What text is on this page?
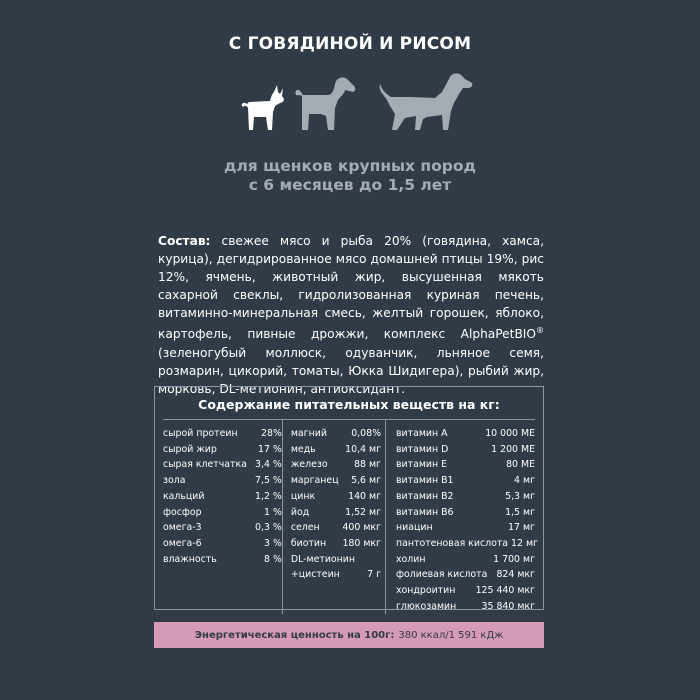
С ГОВЯДИНОЙ И РИСОМ
для щенков крупных пород
с 6 месяцев до 1,5 лет
Состав: свежее мясо и рыба 20% (говядина, хамса, курица), дегидрированное мясо домашней птицы 19%, рис 12%, ячмень, животный жир, высушенная мякоть сахарной свеклы, гидролизованная куриная печень, витаминно-минеральная смесь, желтый горошек, яблоко, картофель, пивные дрожжи, комплекс AlphaPetBIO® (зеленогубый моллюск, одуванчик, льняное семя, розмарин, цикорий, томаты, Юкка Шидигера), рыбий жир, морковь, DL-метионин, антиоксидант.
Содержание питательных веществ на кг:
сырой протеин	28%
сырой жир	17 %
сырая клетчатка 3,4 %
зола	7,5 %
кальций	1,2 %
фосфор	1 %
омега-3	0,3 %
омега-6	3 %
влажность	8 %
магний	0,08%
медь	10,4 мг
железо	88 мг
марганец	5,6 мг
цинк	140 мг
йод	1,52 мг
селен	400 мкг
биотин	180 мкг
DL-метионин
+цистеин	7 г
витамин А	10 000 МЕ
витамин D	1 200 МЕ
витамин Е	80 МЕ
витамин В1	4 мг
витамин В2	5,3 мг
витамин В6	1,5 мг
ниацин	17 мг
пантотеновая кислота 12 мг
холин	1 700 мг
фолиевая кислота 824 мкг
хондроитин	125 440 мкг
глюкозамин	35 840 мкг
Энергетическая ценность на 100г: 380 ккал/1 591 кДж
